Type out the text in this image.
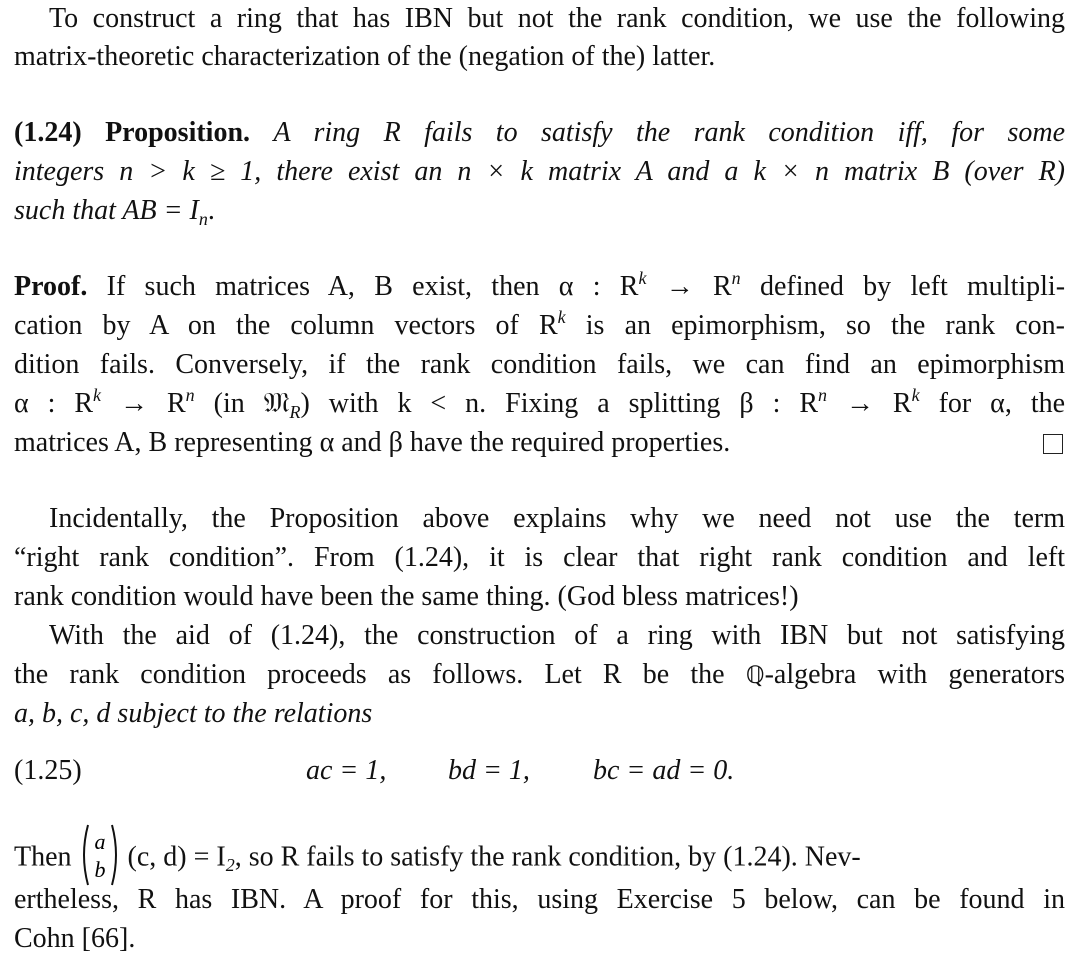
To construct a ring that has IBN but not the rank condition, we use the following
matrix-theoretic characterization of the (negation of the) latter.
(1.24) Proposition. A ring R fails to satisfy the rank condition iff, for some
integers n > k ≥ 1, there exist an n × k matrix A and a k × n matrix B (over R)
such that AB = $I_n$.
Proof. If such matrices A, B exist, then α : $R^k \to R^n$ defined by left multipli-
cation by A on the column vectors of $R^k$ is an epimorphism, so the rank con-
dition fails. Conversely, if the rank condition fails, we can find an epimorphism
α : $R^k \to R^n$ (in 𝔐$_R$) with k < n. Fixing a splitting β : $R^n \to R^k$ for α, the
matrices A, B representing α and β have the required properties.
Incidentally, the Proposition above explains why we need not use the term
“right rank condition”. From (1.24), it is clear that right rank condition and left
rank condition would have been the same thing. (God bless matrices!)
With the aid of (1.24), the construction of a ring with IBN but not satisfying
the rank condition proceeds as follows. Let R be the ℚ-algebra with generators
a, b, c, d subject to the relations
(1.25)	ac = 1, bd = 1, bc = ad = 0.
Then a
b (c, $d) = I_2$, so R fails to satisfy the rank condition, by (1.24). Nev-
ertheless, R has IBN. A proof for this, using Exercise 5 below, can be found in
Cohn [66].
